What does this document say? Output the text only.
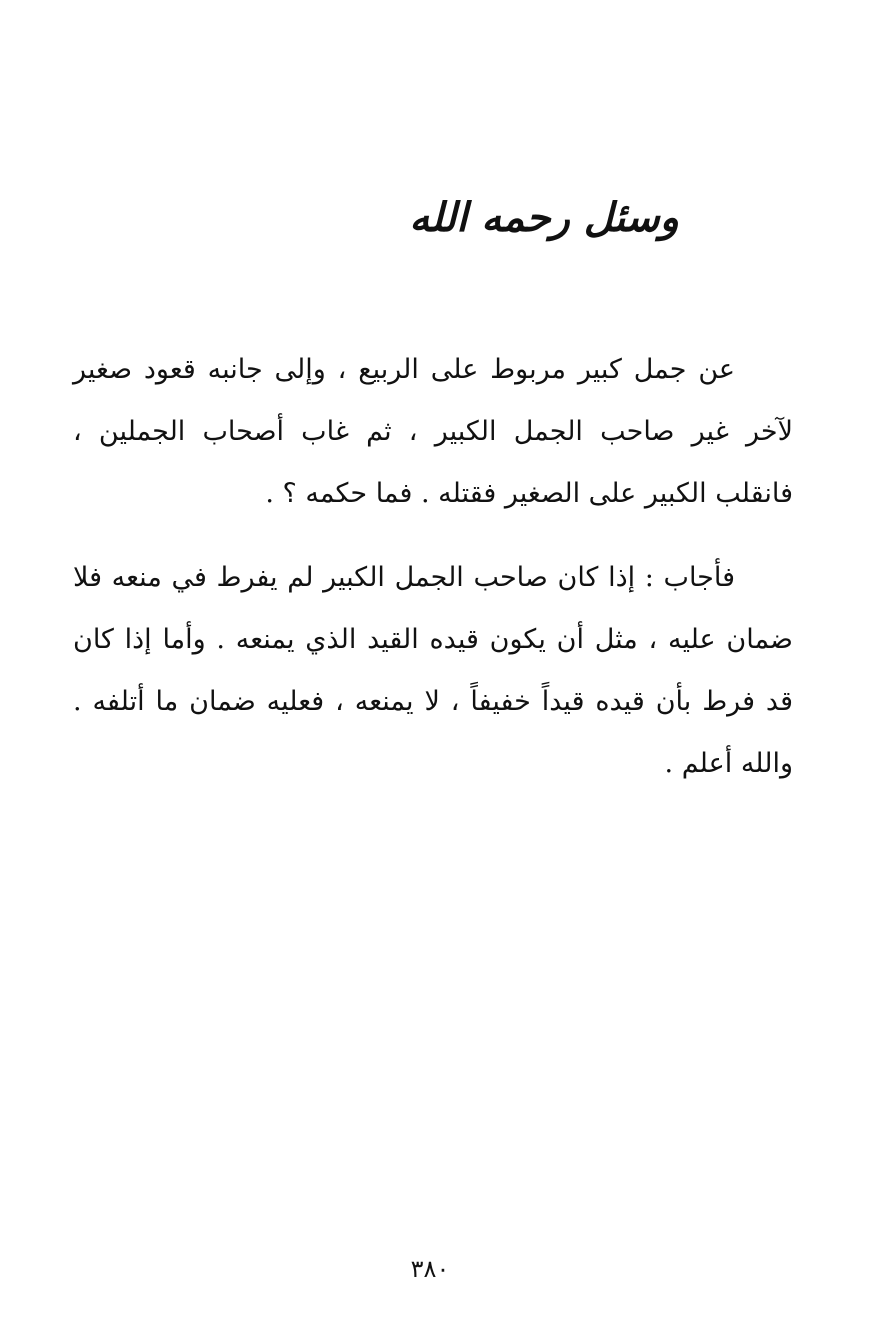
وسئل رحمه الله

عن جمل كبير مربوط على الربيع ، وإلى جانبه قعود صغير لآخر غير صاحب الجمل الكبير ، ثم غاب أصحاب الجملين ، فانقلب الكبير على الصغير فقتله . فما حكمه ؟ .

فأجاب : إذا كان صاحب الجمل الكبير لم يفرط في منعه فلا ضمان عليه ، مثل أن يكون قيده القيد الذي يمنعه . وأما إذا كان قد فرط بأن قيده قيداً خفيفاً ، لا يمنعه ، فعليه ضمان ما أتلفه . والله أعلم .

٣٨٠
